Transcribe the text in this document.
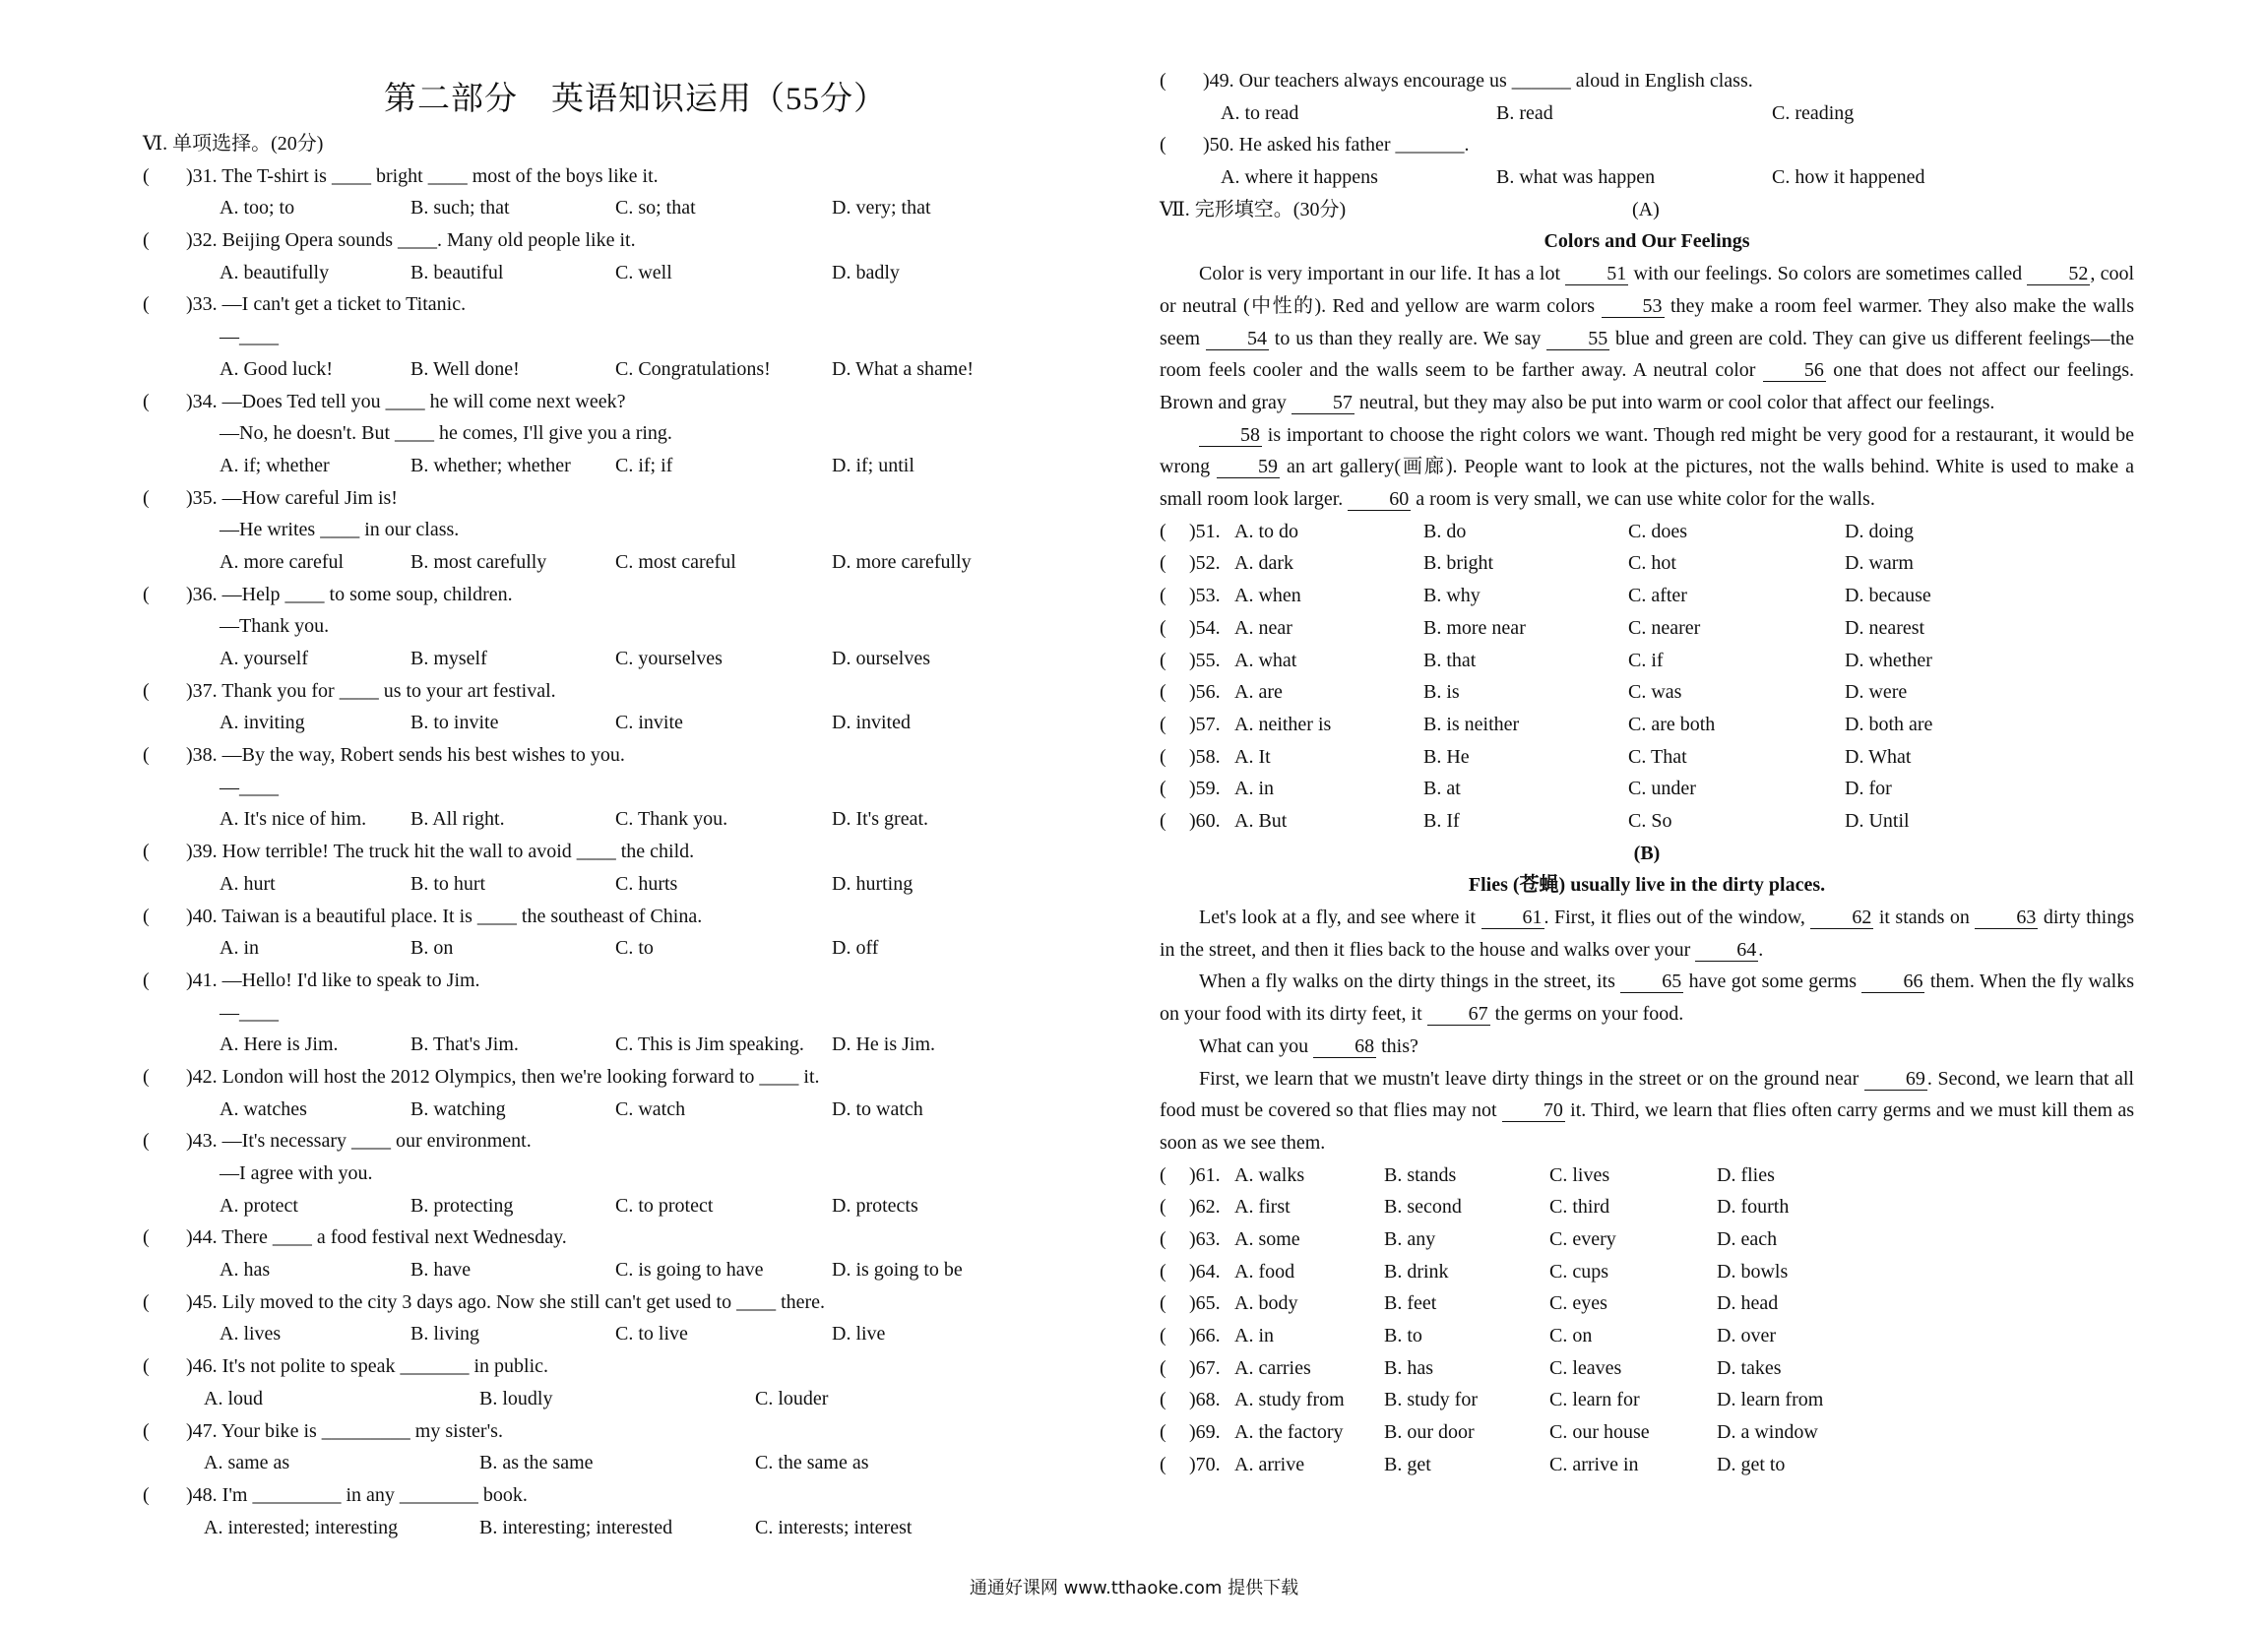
第二部分　英语知识运用（55分）
Ⅵ. 单项选择。(20分)
( )31. The T-shirt is ____ bright ____ most of the boys like it.
A. too; to	B. such; that	C. so; that	D. very; that
( )32. Beijing Opera sounds ____. Many old people like it.
A. beautifully	B. beautiful	C. well	D. badly
( )33. —I can't get a ticket to Titanic.
—____
A. Good luck!	B. Well done!	C. Congratulations!	D. What a shame!
( )34. —Does Ted tell you ____ he will come next week?
—No, he doesn't. But ____ he comes, I'll give you a ring.
A. if; whether	B. whether; whether C. if; if	D. if; until
( )35. —How careful Jim is!
—He writes ____ in our class.
A. more careful	B. most carefully	C. most careful	D. more carefully
( )36. —Help ____ to some soup, children.
—Thank you.
A. yourself	B. myself	C. yourselves	D. ourselves
( )37. Thank you for ____ us to your art festival.
A. inviting	B. to invite	C. invite	D. invited
( )38. —By the way, Robert sends his best wishes to you.
—____
A. It's nice of him. B. All right.	C. Thank you.	D. It's great.
( )39. How terrible! The truck hit the wall to avoid ____ the child.
A. hurt	B. to hurt	C. hurts	D. hurting
( )40. Taiwan is a beautiful place. It is ____ the southeast of China.
A. in	B. on	C. to	D. off
( )41. —Hello! I'd like to speak to Jim.
—____
A. Here is Jim.	B. That's Jim.	C. This is Jim speaking. D. He is Jim.
( )42. London will host the 2012 Olympics, then we're looking forward to ____ it.
A. watches	B. watching	C. watch	D. to watch
( )43. —It's necessary ____ our environment.
—I agree with you.
A. protect	B. protecting	C. to protect	D. protects
( )44. There ____ a food festival next Wednesday.
A. has	B. have	C. is going to have	D. is going to be
( )45. Lily moved to the city 3 days ago. Now she still can't get used to ____ there.
A. lives	B. living	C. to live	D. live
( )46. It's not polite to speak _______ in public.
A. loud	B. loudly	C. louder
( )47. Your bike is _________ my sister's.
A. same as	B. as the same	C. the same as
( )48. I'm _________ in any ________ book.
A. interested; interesting	B. interesting; interested	C. interests; interest
( )49. Our teachers always encourage us ______ aloud in English class.
A. to read	B. read	C. reading
( )50. He asked his father _______.
A. where it happens	B. what was happen	C. how it happened
Ⅶ. 完形填空。(30分)	(A)
Colors and Our Feelings

Color is very important in our life. It has a lot 51 with our feelings. So colors are sometimes called 52 , cool or neutral (中性的). Red and yellow are warm colors 53 they make a room feel warmer. They also make the walls seem 54 to us than they really are. We say 55 blue and green are cold. They can give us different feelings—the room feels cooler and the walls seem to be farther away. A neutral color 56 one that does not affect our feelings. Brown and gray 57 neutral, but they may also be put into warm or cool color that affect our feelings.

58 is important to choose the right colors we want. Though red might be very good for a restaurant, it would be wrong 59 an art gallery(画廊). People want to look at the pictures, not the walls behind. White is used to make a small room look larger. 60 a room is very small, we can use white color for the walls.

( )51. A. to do	B. do	C. does	D. doing
( )52. A. dark	B. bright	C. hot	D. warm
( )53. A. when	B. why	C. after	D. because
( )54. A. near	B. more near	C. nearer	D. nearest
( )55. A. what	B. that	C. if	D. whether
( )56. A. are	B. is	C. was	D. were
( )57. A. neither is	B. is neither	C. are both	D. both are
( )58. A. It	B. He	C. That	D. What
( )59. A. in	B. at	C. under	D. for
( )60. A. But	B. If	C. So	D. Until
(B)
Flies (苍蝇) usually live in the dirty places.

Let's look at a fly, and see where it 61 . First, it flies out of the window, 62 it stands on 63 dirty things in the street, and then it flies back to the house and walks over your 64 .

When a fly walks on the dirty things in the street, its 65 have got some germs 66 them. When the fly walks on your food with its dirty feet, it 67 the germs on your food.

What can you 68 this?

First, we learn that we mustn't leave dirty things in the street or on the ground near 69 . Second, we learn that all food must be covered so that flies may not 70 it. Third, we learn that flies often carry germs and we must kill them as soon as we see them.

( )61. A. walks	B. stands	C. lives	D. flies
( )62. A. first	B. second	C. third	D. fourth
( )63. A. some	B. any	C. every	D. each
( )64. A. food	B. drink	C. cups	D. bowls
( )65. A. body	B. feet	C. eyes	D. head
( )66. A. in	B. to	C. on	D. over
( )67. A. carries	B. has	C. leaves	D. takes
( )68. A. study from B. study for	C. learn for	D. learn from
( )69. A. the factory B. our door	C. our house	D. a window
( )70. A. arrive	B. get	C. arrive in	D. get to
通通好课网 www.tthaoke.com 提供下载
